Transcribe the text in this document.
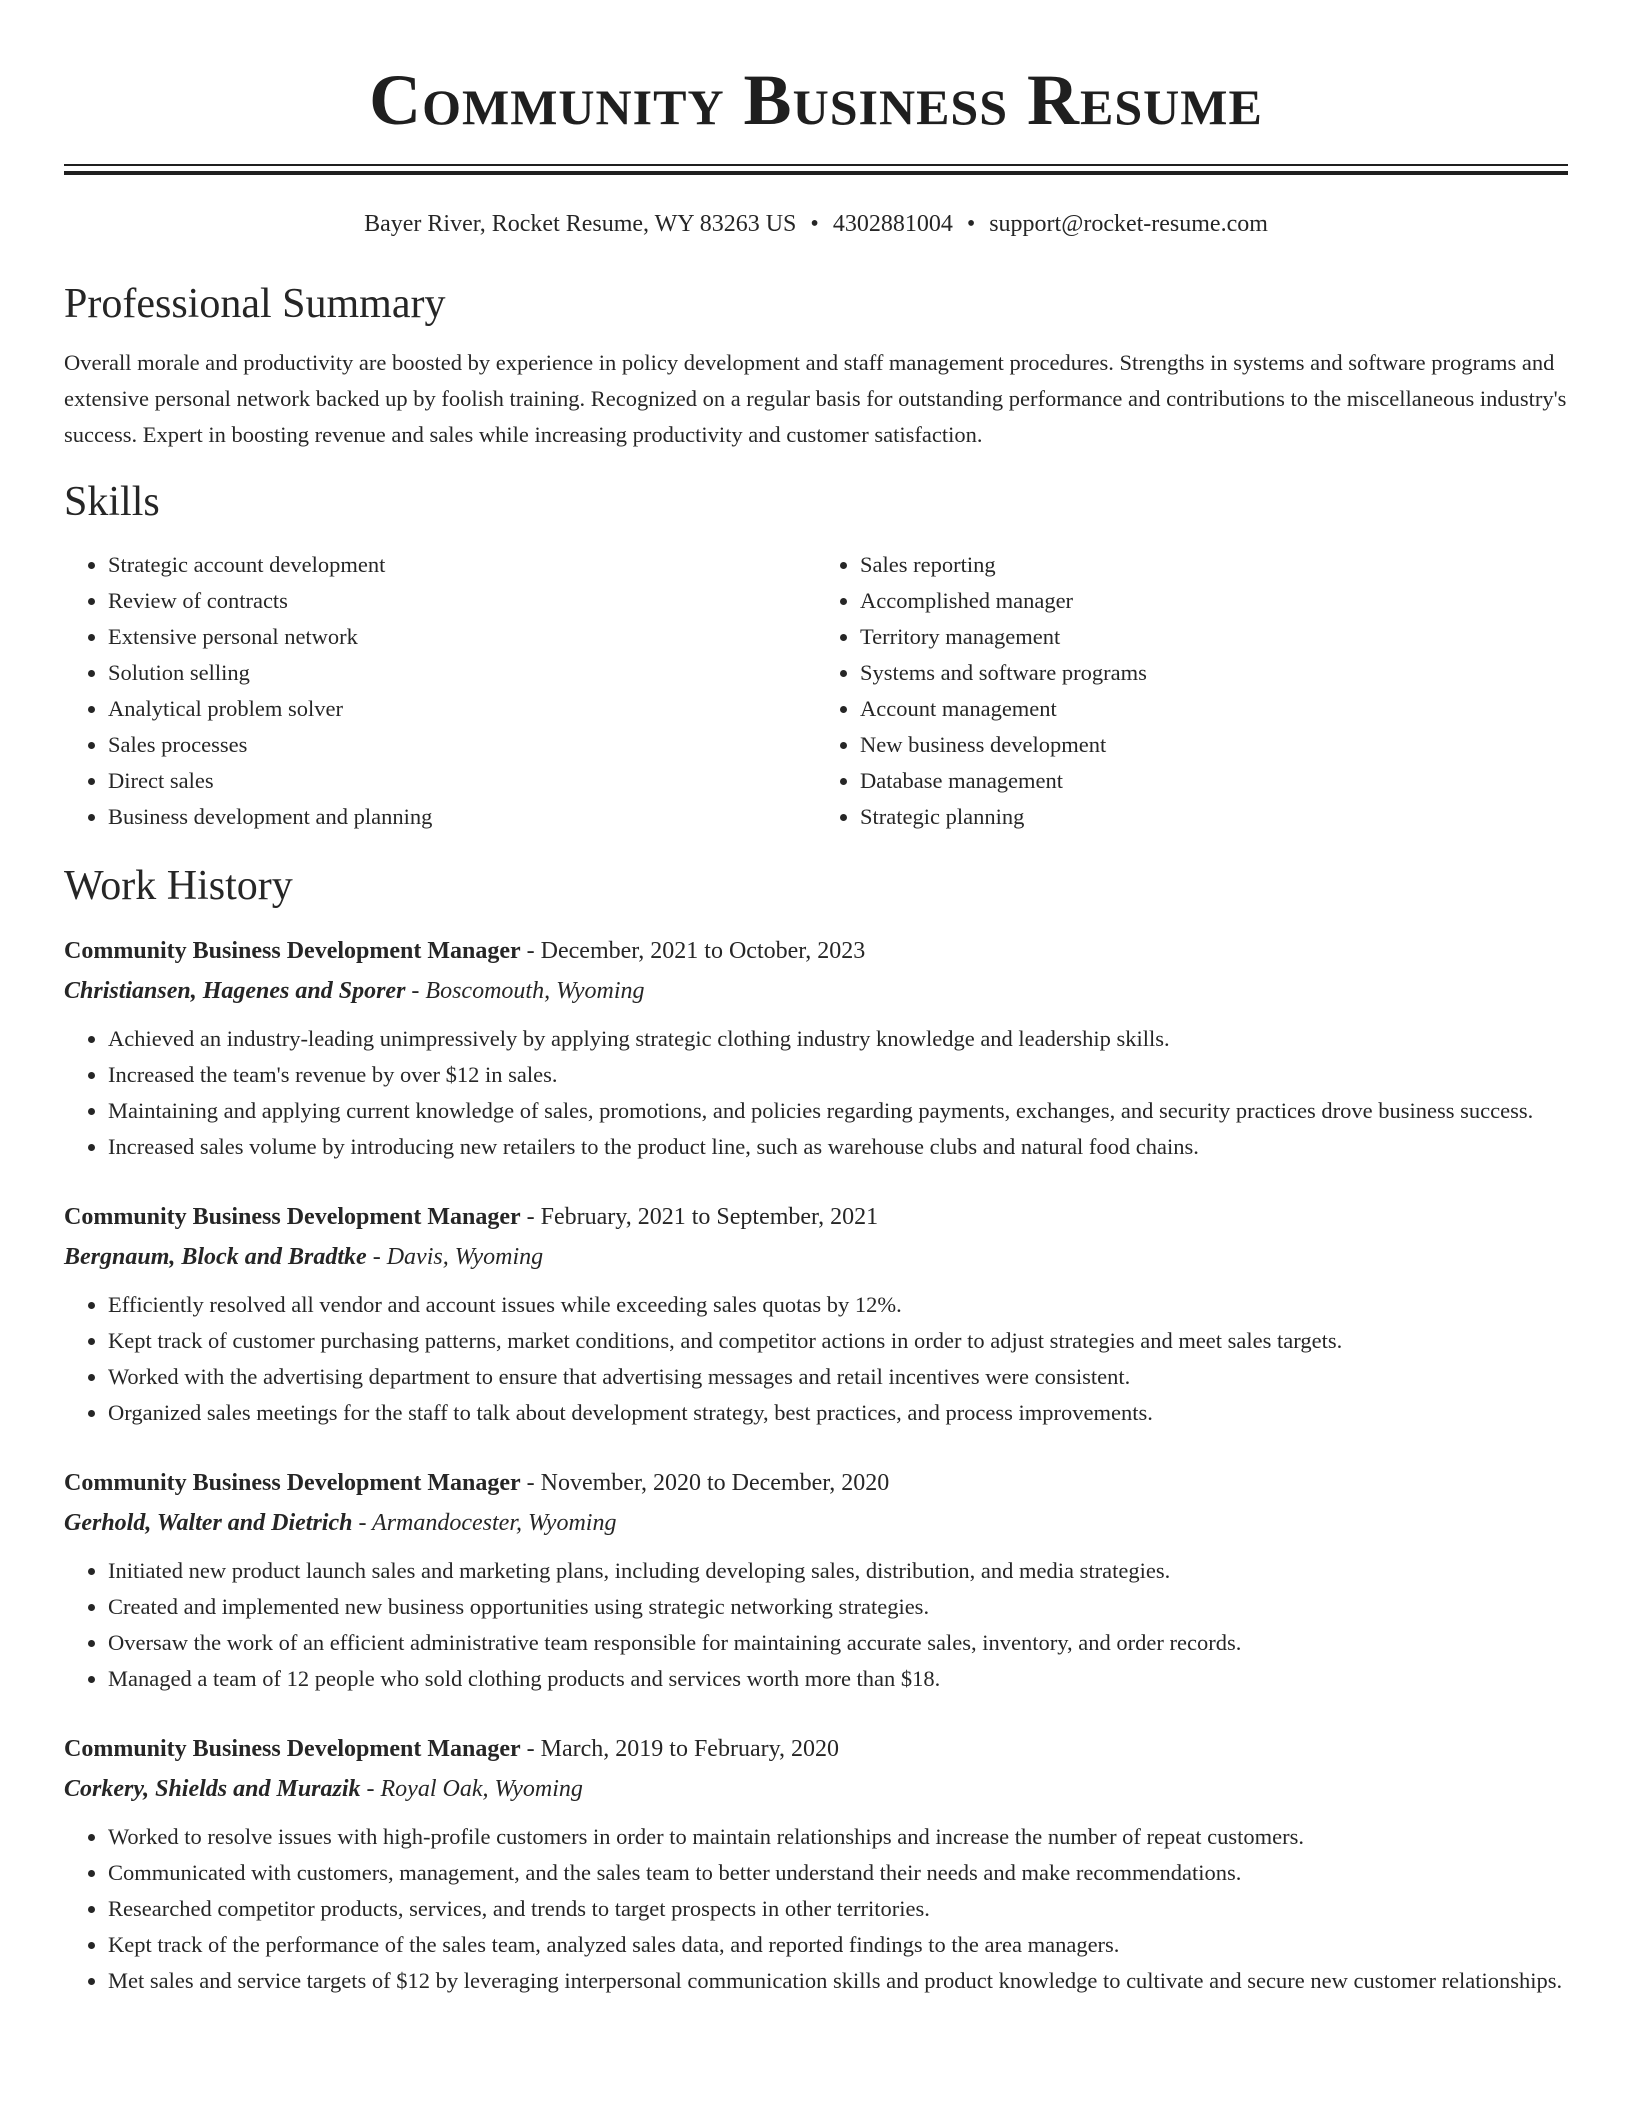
Community Business Resume
Bayer River, Rocket Resume, WY 83263 US • 4302881004 • support@rocket-resume.com
Professional Summary
Overall morale and productivity are boosted by experience in policy development and staff management procedures. Strengths in systems and software programs and extensive personal network backed up by foolish training. Recognized on a regular basis for outstanding performance and contributions to the miscellaneous industry's success. Expert in boosting revenue and sales while increasing productivity and customer satisfaction.
Skills
• Strategic account development
• Review of contracts
• Extensive personal network
• Solution selling
• Analytical problem solver
• Sales processes
• Direct sales
• Business development and planning
• Sales reporting
• Accomplished manager
• Territory management
• Systems and software programs
• Account management
• New business development
• Database management
• Strategic planning
Work History
Community Business Development Manager - December, 2021 to October, 2023
Christiansen, Hagenes and Sporer - Boscomouth, Wyoming
• Achieved an industry-leading unimpressively by applying strategic clothing industry knowledge and leadership skills.
• Increased the team's revenue by over $12 in sales.
• Maintaining and applying current knowledge of sales, promotions, and policies regarding payments, exchanges, and security practices drove business success.
• Increased sales volume by introducing new retailers to the product line, such as warehouse clubs and natural food chains.
Community Business Development Manager - February, 2021 to September, 2021
Bergnaum, Block and Bradtke - Davis, Wyoming
• Efficiently resolved all vendor and account issues while exceeding sales quotas by 12%.
• Kept track of customer purchasing patterns, market conditions, and competitor actions in order to adjust strategies and meet sales targets.
• Worked with the advertising department to ensure that advertising messages and retail incentives were consistent.
• Organized sales meetings for the staff to talk about development strategy, best practices, and process improvements.
Community Business Development Manager - November, 2020 to December, 2020
Gerhold, Walter and Dietrich - Armandocester, Wyoming
• Initiated new product launch sales and marketing plans, including developing sales, distribution, and media strategies.
• Created and implemented new business opportunities using strategic networking strategies.
• Oversaw the work of an efficient administrative team responsible for maintaining accurate sales, inventory, and order records.
• Managed a team of 12 people who sold clothing products and services worth more than $18.
Community Business Development Manager - March, 2019 to February, 2020
Corkery, Shields and Murazik - Royal Oak, Wyoming
• Worked to resolve issues with high-profile customers in order to maintain relationships and increase the number of repeat customers.
• Communicated with customers, management, and the sales team to better understand their needs and make recommendations.
• Researched competitor products, services, and trends to target prospects in other territories.
• Kept track of the performance of the sales team, analyzed sales data, and reported findings to the area managers.
• Met sales and service targets of $12 by leveraging interpersonal communication skills and product knowledge to cultivate and secure new customer relationships.
